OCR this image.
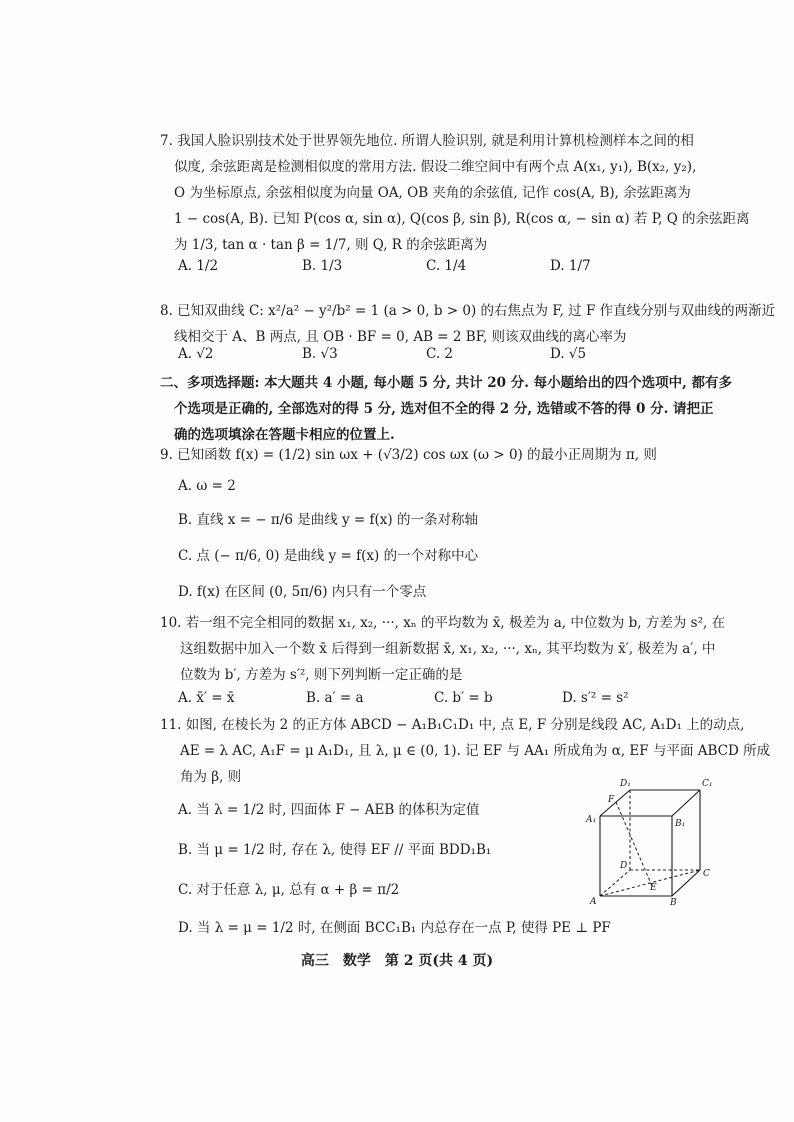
7. 我国人脸识别技术处于世界领先地位. 所谓人脸识别, 就是利用计算机检测样本之间的相

似度, 余弦距离是检测相似度的常用方法. 假设二维空间中有两个点 A(x₁, y₁), B(x₂, y₂),

O 为坐标原点, 余弦相似度为向量 OA, OB 夹角的余弦值, 记作 cos(A, B), 余弦距离为

1 − cos(A, B). 已知 P(cos α, sin α), Q(cos β, sin β), R(cos α, − sin α) 若 P, Q 的余弦距离

为 1/3, tan α · tan β = 1/7, 则 Q, R 的余弦距离为

A. 1/2	B. 1/3	C. 1/4	D. 1/7

8. 已知双曲线 C: x²/a² − y²/b² = 1 (a > 0, b > 0) 的右焦点为 F, 过 F 作直线分别与双曲线的两渐近

线相交于 A、B 两点, 且 OB · BF = 0, AB = 2 BF, 则该双曲线的离心率为

A. √2	B. √3	C. 2	D. √5
二、多项选择题: 本大题共 4 小题, 每小题 5 分, 共计 20 分. 每小题给出的四个选项中, 都有多
个选项是正确的, 全部选对的得 5 分, 选对但不全的得 2 分, 选错或不答的得 0 分. 请把正
确的选项填涂在答题卡相应的位置上.

9. 已知函数 f(x) = (1/2) sin ωx + (√3/2) cos ωx (ω > 0) 的最小正周期为 π, 则

A. ω = 2
B. 直线 x = − π/6 是曲线 y = f(x) 的一条对称轴
C. 点 (− π/6, 0) 是曲线 y = f(x) 的一个对称中心
D. f(x) 在区间 (0, 5π/6) 内只有一个零点

10. 若一组不完全相同的数据 x₁, x₂, ···, xₙ 的平均数为 x̄, 极差为 a, 中位数为 b, 方差为 s², 在

这组数据中加入一个数 x̄ 后得到一组新数据 x̄, x₁, x₂, ···, xₙ, 其平均数为 x̄′, 极差为 a′, 中

位数为 b′, 方差为 s′², 则下列判断一定正确的是

A. x̄′ = x̄	B. a′ = a	C. b′ = b	D. s′² = s²

11. 如图, 在棱长为 2 的正方体 ABCD − A₁B₁C₁D₁ 中, 点 E, F 分别是线段 AC, A₁D₁ 上的动点,

AE = λ AC, A₁F = μ A₁D₁, 且 λ, μ ∈ (0, 1). 记 EF 与 AA₁ 所成角为 α, EF 与平面 ABCD 所成

角为 β, 则

A. 当 λ = 1/2 时, 四面体 F − AEB 的体积为定值
B. 当 μ = 1/2 时, 存在 λ, 使得 EF // 平面 BDD₁B₁
C. 对于任意 λ, μ, 总有 α + β = π/2
D. 当 λ = μ = 1/2 时, 在侧面 BCC₁B₁ 内总存在一点 P, 使得 PE ⊥ PF
D₁	C₁
F
A₁	B₁
D
E
C
A	B
高三　数学　第 2 页(共 4 页)
